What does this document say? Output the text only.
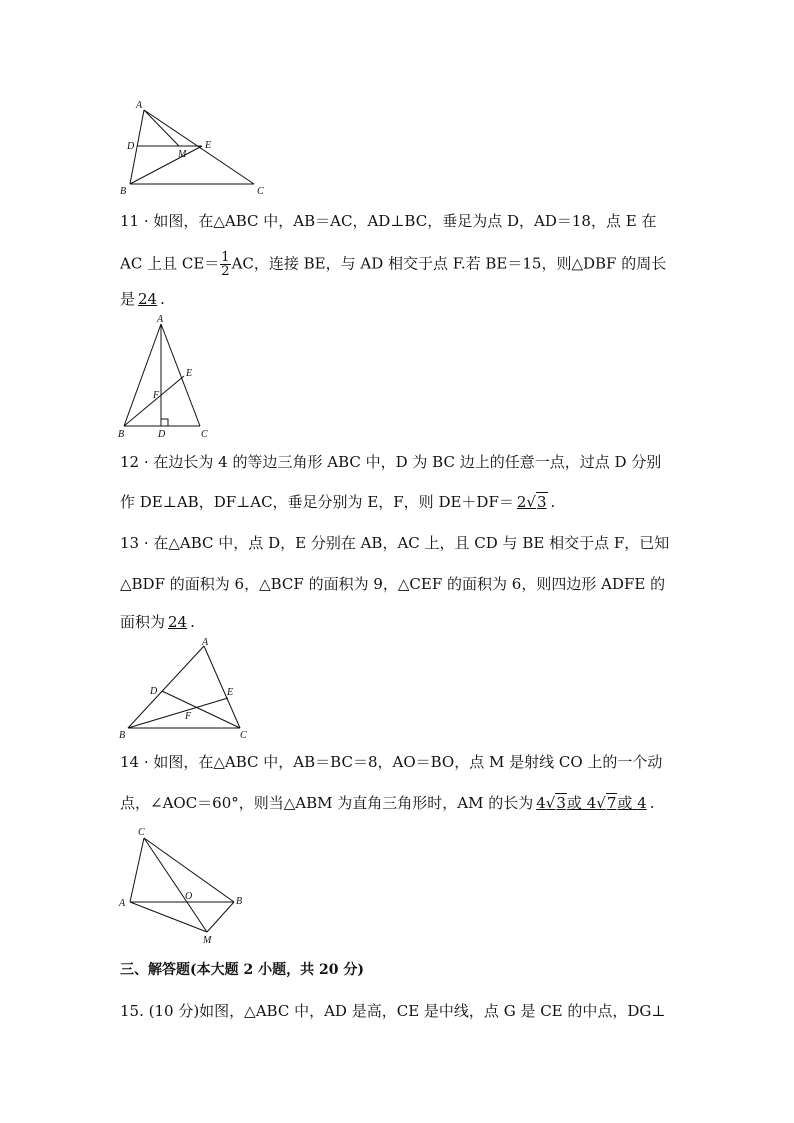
A
B	C
D	E
M
11 · 如图，在△ABC 中，AB＝AC，AD⊥BC，垂足为点 D，AD＝18，点 E 在
AC 上且 $CE= \frac{1}{2}$ AC，连接 BE，与 AD 相交于点 F.若 BE＝15，则△DBF 的周长
是 24 .
A
B	C
D
E
F
12 · 在边长为 4 的等边三角形 ABC 中，D 为 BC 边上的任意一点，过点 D 分别
作 DE⊥AB，DF⊥AC，垂足分别为 E，F，则 DE＋DF＝ 2√3 .
13 · 在△ABC 中，点 D，E 分别在 AB，AC 上，且 CD 与 BE 相交于点 F，已知
△BDF 的面积为 6，△BCF 的面积为 9，△CEF 的面积为 6，则四边形 ADFE 的
面积为 24 .
A
B	C
D	E
F
14 · 如图，在△ABC 中，AB＝BC＝8，AO＝BO，点 M 是射线 CO 上的一个动
点，∠AOC＝60°，则当△ABM 为直角三角形时，AM 的长为 4√3或 4√7或 4 .
C
A	B
O
M
三、解答题(本大题 2 小题，共 20 分)
15. (10 分)如图，△ABC 中，AD 是高，CE 是中线，点 G 是 CE 的中点，DG⊥
